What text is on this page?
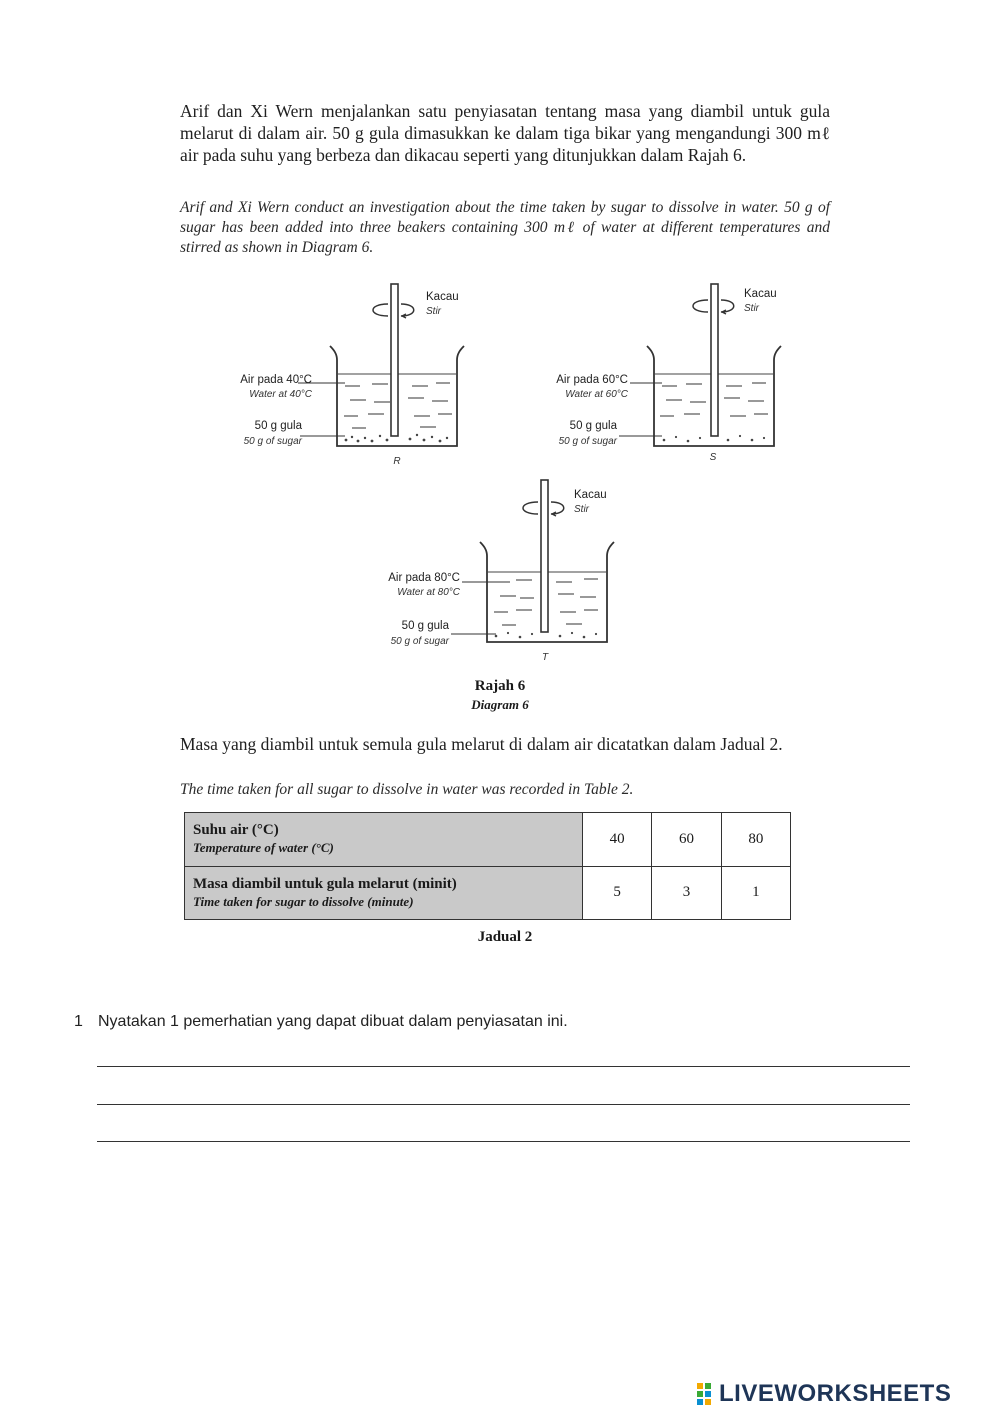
Arif dan Xi Wern menjalankan satu penyiasatan tentang masa yang diambil untuk gula melarut di dalam air. 50 g gula dimasukkan ke dalam tiga bikar yang mengandungi 300 mℓ air pada suhu yang berbeza dan dikacau seperti yang ditunjukkan dalam Rajah 6.

Arif and Xi Wern conduct an investigation about the time taken by sugar to dissolve in water. 50 g of sugar has been added into three beakers containing 300 mℓ of water at different temperatures and stirred as shown in Diagram 6.

Kacau
Stir
Air pada 40°C
Water at 40°C
50 g gula
50 g of sugar
R
Kacau
Stir
Air pada 60°C
Water at 60°C
50 g gula
50 g of sugar
S
Kacau
Stir
Air pada 80°C
Water at 80°C
50 g gula
50 g of sugar
T
Rajah 6
Diagram 6

Masa yang diambil untuk semula gula melarut di dalam air dicatatkan dalam Jadual 2.

The time taken for all sugar to dissolve in water was recorded in Table 2.

Suhu air (°C)
Temperature of water (°C)	40	60	80

Masa diambil untuk gula melarut (minit)
Time taken for sugar to dissolve (minute)	5	3	1
Jadual 2
1 Nyatakan 1 pemerhatian yang dapat dibuat dalam penyiasatan ini.
LIVEWORKSHEETS
